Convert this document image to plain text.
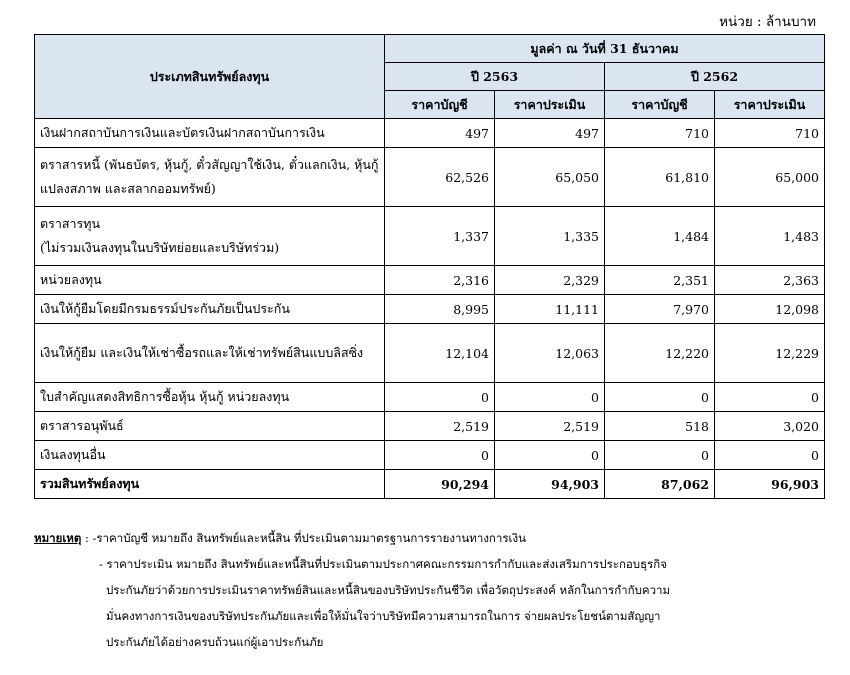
หน่วย : ล้านบาท
ประเภทสินทรัพย์ลงทุน	มูลค่า ณ วันที่ 31 ธันวาคม			
	ปี 2563		ปี 2562	
	ราคาบัญชี	ราคาประเมิน	ราคาบัญชี	ราคาประเมิน
เงินฝากสถาบันการเงินและบัตรเงินฝากสถาบันการเงิน	497	497	710	710
ตราสารหนี้ (พันธบัตร, หุ้นกู้, ตั๋วสัญญาใช้เงิน, ตั๋วแลกเงิน, หุ้นกู้แปลงสภาพ และสลากออมทรัพย์)	62,526	65,050	61,810	65,000
ตราสารทุน
(ไม่รวมเงินลงทุนในบริษัทย่อยและบริษัทร่วม)	1,337	1,335	1,484	1,483
หน่วยลงทุน	2,316	2,329	2,351	2,363
เงินให้กู้ยืมโดยมีกรมธรรม์ประกันภัยเป็นประกัน	8,995	11,111	7,970	12,098
เงินให้กู้ยืม และเงินให้เช่าซื้อรถและให้เช่าทรัพย์สินแบบลิสซิ่ง	12,104	12,063	12,220	12,229
ใบสำคัญแสดงสิทธิการซื้อหุ้น หุ้นกู้ หน่วยลงทุน	0	0	0	0
ตราสารอนุพันธ์	2,519	2,519	518	3,020
เงินลงทุนอื่น	0	0	0	0
รวมสินทรัพย์ลงทุน	90,294	94,903	87,062	96,903
หมายเหตุ : -ราคาบัญชี หมายถึง สินทรัพย์และหนี้สิน ที่ประเมินตามมาตรฐานการรายงานทางการเงิน
- ราคาประเมิน หมายถึง สินทรัพย์และหนี้สินที่ประเมินตามประกาศคณะกรรมการกำกับและส่งเสริมการประกอบธุรกิจ
ประกันภัยว่าด้วยการประเมินราคาทรัพย์สินและหนี้สินของบริษัทประกันชีวิต เพื่อวัตถุประสงค์ หลักในการกำกับความ
มั่นคงทางการเงินของบริษัทประกันภัยและเพื่อให้มั่นใจว่าบริษัทมีความสามารถในการ จ่ายผลประโยชน์ตามสัญญา
ประกันภัยได้อย่างครบถ้วนแก่ผู้เอาประกันภัย
